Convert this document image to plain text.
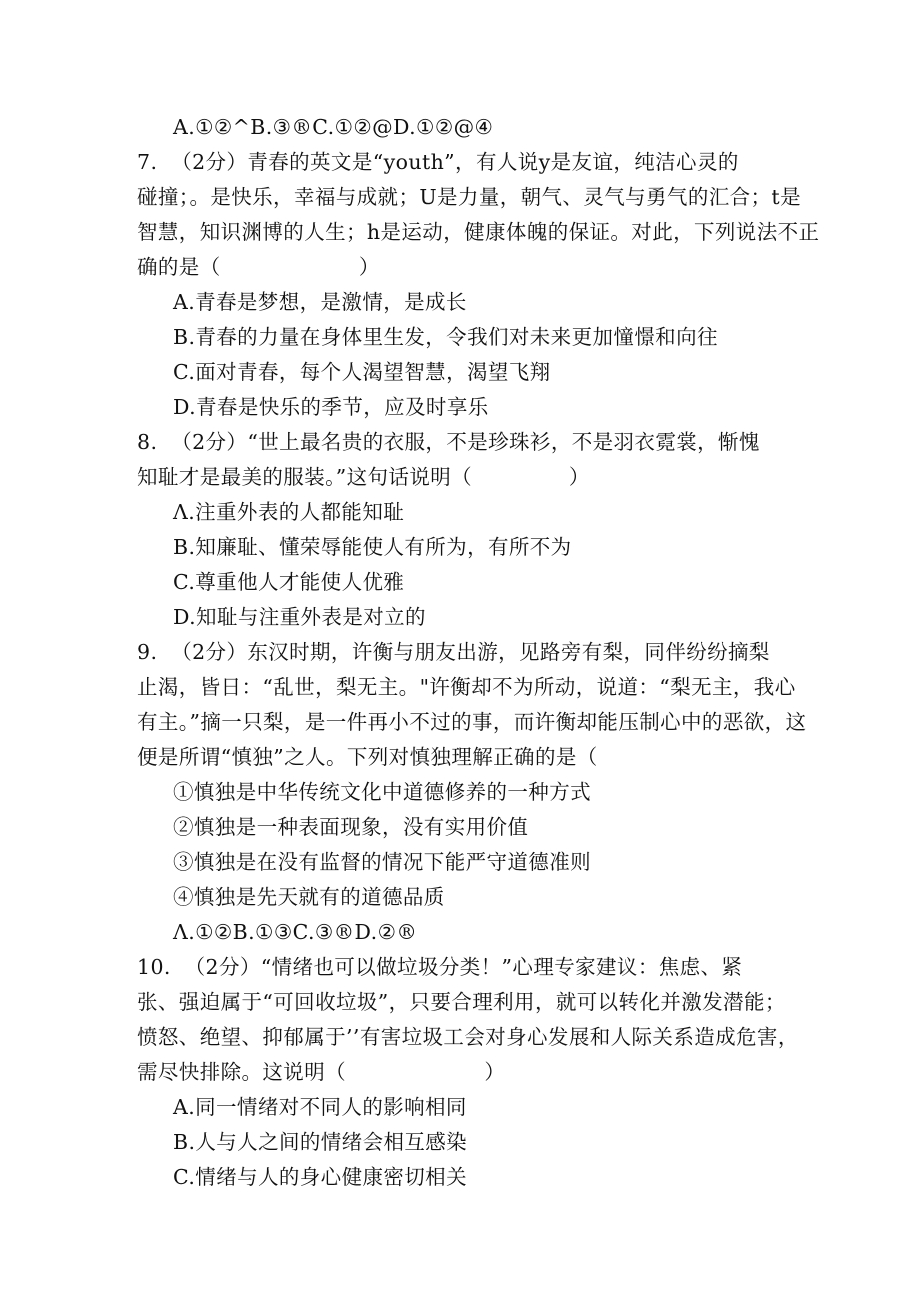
A.①②^B.③®C.①②@D.①②@④
7.  （2分）青春的英文是“youth”，有人说y是友谊，纯洁心灵的
碰撞；。是快乐，幸福与成就；U是力量，朝气、灵气与勇气的汇合；t是
智慧，知识渊博的人生；h是运动，健康体魄的保证。对此，下列说法不正
确的是（                    ）
A.青春是梦想，是激情，是成长
B.青春的力量在身体里生发，令我们对未来更加憧憬和向往
C.面对青春，每个人渴望智慧，渴望飞翔
D.青春是快乐的季节，应及时享乐
8.  （2分）“世上最名贵的衣服，不是珍珠衫，不是羽衣霓裳，惭愧
知耻才是最美的服装。”这句话说明（              ）
Λ.注重外表的人都能知耻
B.知廉耻、懂荣辱能使人有所为，有所不为
C.尊重他人才能使人优雅
D.知耻与注重外表是对立的
9.  （2分）东汉时期，许衡与朋友出游，见路旁有梨，同伴纷纷摘梨
止渴，皆日：“乱世，梨无主。"许衡却不为所动，说道：“梨无主，我心
有主。”摘一只梨，是一件再小不过的事，而许衡却能压制心中的恶欲，这
便是所谓“慎独”之人。下列对慎独理解正确的是（
①慎独是中华传统文化中道德修养的一种方式
②慎独是一种表面现象，没有实用价值
③慎独是在没有监督的情况下能严守道德准则
④慎独是先天就有的道德品质
Λ.①②B.①③C.③®D.②®
10.  （2分）“情绪也可以做垃圾分类！”心理专家建议：焦虑、紧
张、强迫属于“可回收垃圾”，只要合理利用，就可以转化并激发潜能；
愤怒、绝望、抑郁属于’’有害垃圾工会对身心发展和人际关系造成危害，
需尽快排除。这说明（                    ）
A.同一情绪对不同人的影响相同
B.人与人之间的情绪会相互感染
C.情绪与人的身心健康密切相关
